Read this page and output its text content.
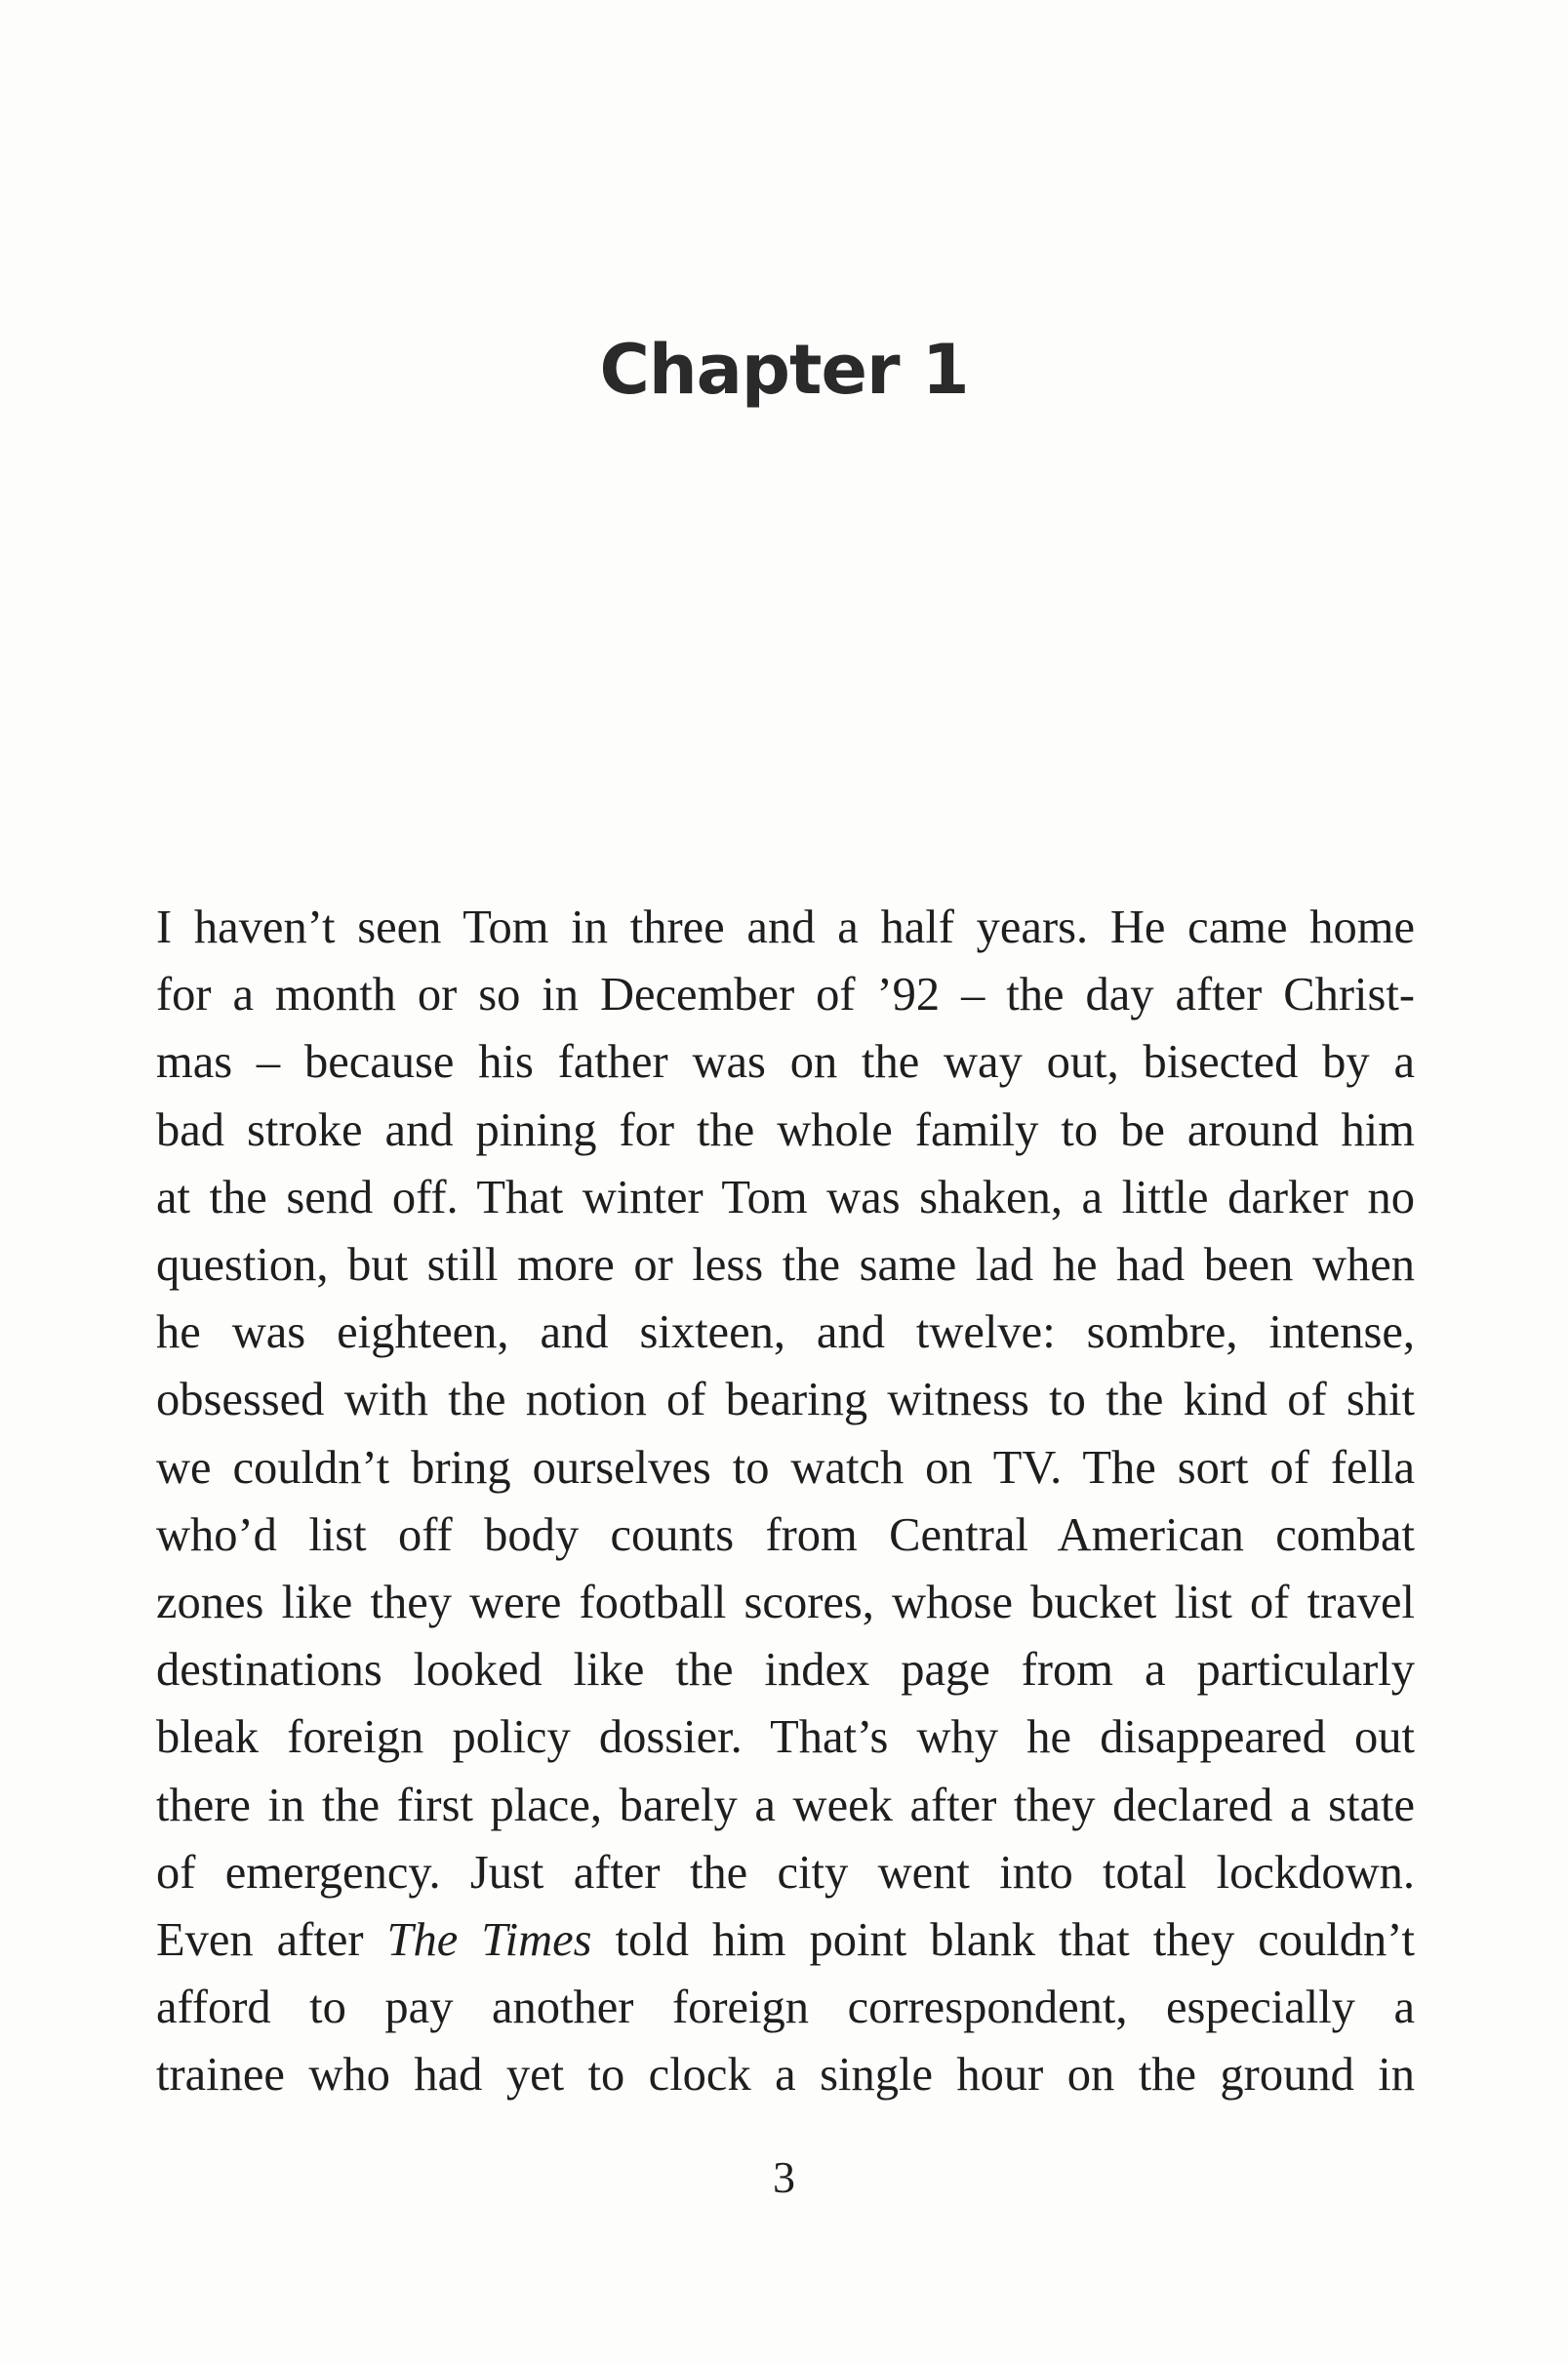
Chapter 1

I haven’t seen Tom in three and a half years. He came home
for a month or so in December of ’92 – the day after Christ-
mas – because his father was on the way out, bisected by a
bad stroke and pining for the whole family to be around him
at the send off. That winter Tom was shaken, a little darker no
question, but still more or less the same lad he had been when
he was eighteen, and sixteen, and twelve: sombre, intense,
obsessed with the notion of bearing witness to the kind of shit
we couldn’t bring ourselves to watch on TV. The sort of fella
who’d list off body counts from Central American combat
zones like they were football scores, whose bucket list of travel
destinations looked like the index page from a particularly
bleak foreign policy dossier. That’s why he disappeared out
there in the first place, barely a week after they declared a state
of emergency. Just after the city went into total lockdown.
Even after The Times told him point blank that they couldn’t
afford to pay another foreign correspondent, especially a
trainee who had yet to clock a single hour on the ground in

3
